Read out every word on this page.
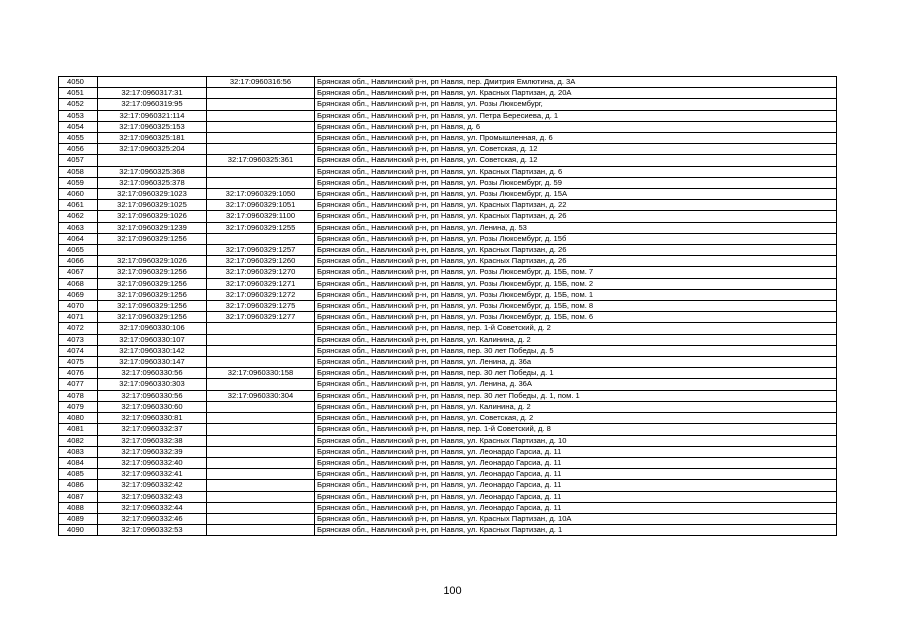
4050		32:17:0960316:56	Брянская обл., Навлинский р-н, рп Навля, пер. Дмитрия Емлютина, д. 3А
4051	32:17:0960317:31		Брянская обл., Навлинский р-н, рп Навля, ул. Красных Партизан, д. 20А
4052	32:17:0960319:95		Брянская обл., Навлинский р-н, рп Навля, ул. Розы Люксембург,
4053	32:17:0960321:114		Брянская обл., Навлинский р-н, рп Навля, ул. Петра Бересиева, д. 1
4054	32:17:0960325:153		Брянская обл., Навлинский р-н, рп Навля, д. 6
4055	32:17:0960325:181		Брянская обл., Навлинский р-н, рп Навля, ул. Промышленная, д. 6
4056	32:17:0960325:204		Брянская обл., Навлинский р-н, рп Навля, ул. Советская, д. 12
4057		32:17:0960325:361	Брянская обл., Навлинский р-н, рп Навля, ул. Советская, д. 12
4058	32:17:0960325:368		Брянская обл., Навлинский р-н, рп Навля, ул. Красных Партизан, д. 6
4059	32:17:0960325:378		Брянская обл., Навлинский р-н, рп Навля, ул. Розы Люксембург, д. 59
4060	32:17:0960329:1023	32:17:0960329:1050	Брянская обл., Навлинский р-н, рп Навля, ул. Розы Люксембург, д. 15А
4061	32:17:0960329:1025	32:17:0960329:1051	Брянская обл., Навлинский р-н, рп Навля, ул. Красных Партизан, д. 22
4062	32:17:0960329:1026	32:17:0960329:1100	Брянская обл., Навлинский р-н, рп Навля, ул. Красных Партизан, д. 26
4063	32:17:0960329:1239	32:17:0960329:1255	Брянская обл., Навлинский р-н, рп Навля, ул. Ленина, д. 53
4064	32:17:0960329:1256		Брянская обл., Навлинский р-н, рп Навля, ул. Розы Люксембург, д. 15б
4065		32:17:0960329:1257	Брянская обл., Навлинский р-н, рп Навля, ул. Красных Партизан, д. 26
4066	32:17:0960329:1026	32:17:0960329:1260	Брянская обл., Навлинский р-н, рп Навля, ул. Красных Партизан, д. 26
4067	32:17:0960329:1256	32:17:0960329:1270	Брянская обл., Навлинский р-н, рп Навля, ул. Розы Люксембург, д. 15Б, пом. 7
4068	32:17:0960329:1256	32:17:0960329:1271	Брянская обл., Навлинский р-н, рп Навля, ул. Розы Люксембург, д. 15Б, пом. 2
4069	32:17:0960329:1256	32:17:0960329:1272	Брянская обл., Навлинский р-н, рп Навля, ул. Розы Люксембург, д. 15Б, пом. 1
4070	32:17:0960329:1256	32:17:0960329:1275	Брянская обл., Навлинский р-н, рп Навля, ул. Розы Люксембург, д. 15Б, пом. 8
4071	32:17:0960329:1256	32:17:0960329:1277	Брянская обл., Навлинский р-н, рп Навля, ул. Розы Люксембург, д. 15Б, пом. 6
4072	32:17:0960330:106		Брянская обл., Навлинский р-н, рп Навля, пер. 1-й Советский, д. 2
4073	32:17:0960330:107		Брянская обл., Навлинский р-н, рп Навля, ул. Калинина, д. 2
4074	32:17:0960330:142		Брянская обл., Навлинский р-н, рп Навля, пер. 30 лет Победы, д. 5
4075	32:17:0960330:147		Брянская обл., Навлинский р-н, рп Навля, ул. Ленина, д. 36а
4076	32:17:0960330:56	32:17:0960330:158	Брянская обл., Навлинский р-н, рп Навля, пер. 30 лет Победы, д. 1
4077	32:17:0960330:303		Брянская обл., Навлинский р-н, рп Навля, ул. Ленина, д. 36А
4078	32:17:0960330:56	32:17:0960330:304	Брянская обл., Навлинский р-н, рп Навля, пер. 30 лет Победы, д. 1, пом. 1
4079	32:17:0960330:60		Брянская обл., Навлинский р-н, рп Навля, ул. Калинина, д. 2
4080	32:17:0960330:81		Брянская обл., Навлинский р-н, рп Навля, ул. Советская, д. 2
4081	32:17:0960332:37		Брянская обл., Навлинский р-н, рп Навля, пер. 1-й Советский, д. 8
4082	32:17:0960332:38		Брянская обл., Навлинский р-н, рп Навля, ул. Красных Партизан, д. 10
4083	32:17:0960332:39		Брянская обл., Навлинский р-н, рп Навля, ул. Леонардо Гарсиа, д. 11
4084	32:17:0960332:40		Брянская обл., Навлинский р-н, рп Навля, ул. Леонардо Гарсиа, д. 11
4085	32:17:0960332:41		Брянская обл., Навлинский р-н, рп Навля, ул. Леонардо Гарсиа, д. 11
4086	32:17:0960332:42		Брянская обл., Навлинский р-н, рп Навля, ул. Леонардо Гарсиа, д. 11
4087	32:17:0960332:43		Брянская обл., Навлинский р-н, рп Навля, ул. Леонардо Гарсиа, д. 11
4088	32:17:0960332:44		Брянская обл., Навлинский р-н, рп Навля, ул. Леонардо Гарсиа, д. 11
4089	32:17:0960332:46		Брянская обл., Навлинский р-н, рп Навля, ул. Красных Партизан, д. 10А
4090	32:17:0960332:53		Брянская обл., Навлинский р-н, рп Навля, ул. Красных Партизан, д. 1
100
